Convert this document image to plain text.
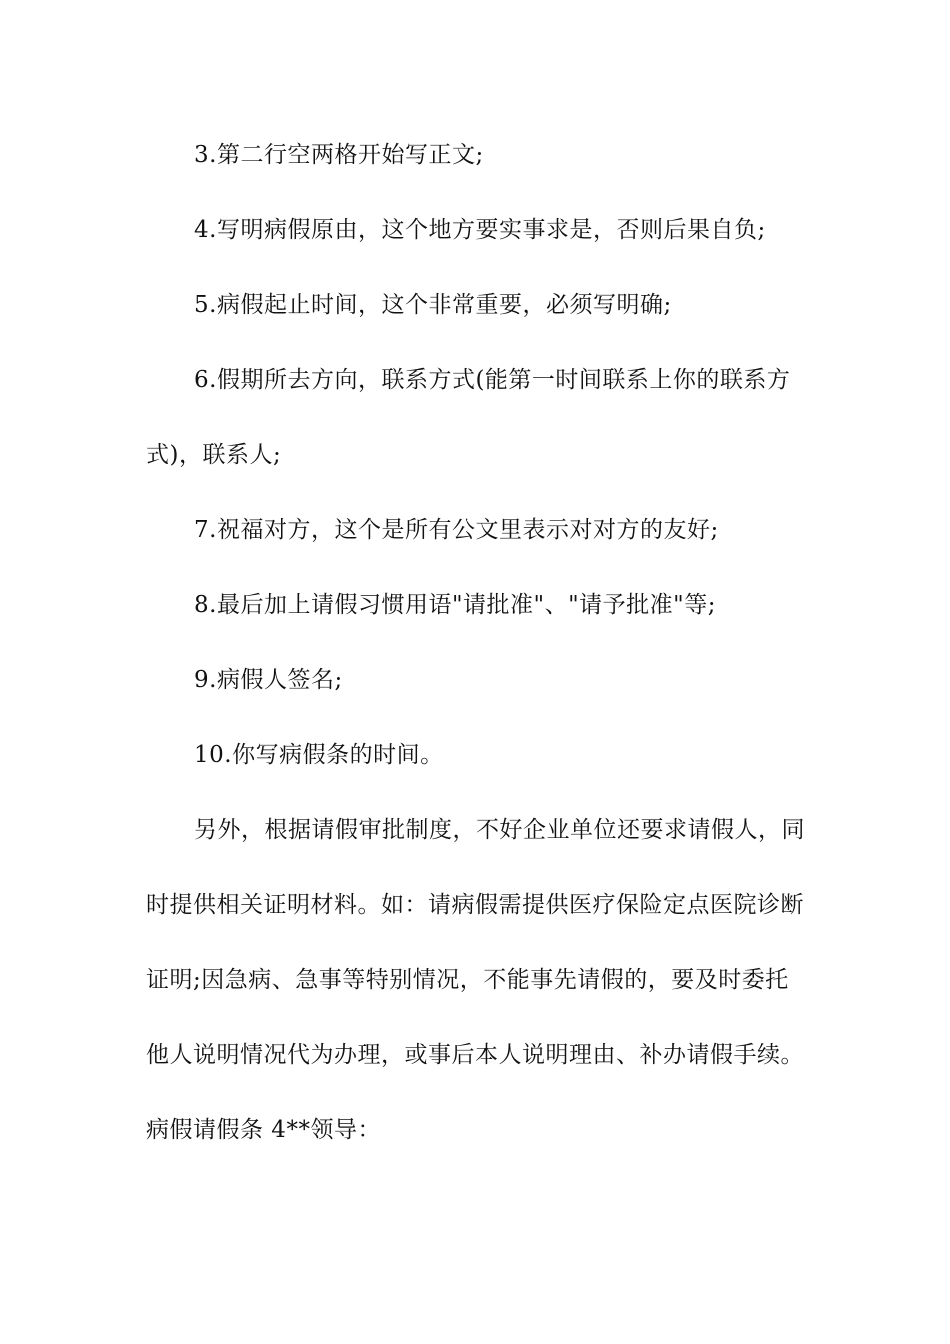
3.第二行空两格开始写正文;

4.写明病假原由，这个地方要实事求是，否则后果自负;

5.病假起止时间，这个非常重要，必须写明确;

6.假期所去方向，联系方式(能第一时间联系上你的联系方式)，联系人;

7.祝福对方，这个是所有公文里表示对对方的友好;

8.最后加上请假习惯用语"请批准"、"请予批准"等;

9.病假人签名;

10.你写病假条的时间。

另外，根据请假审批制度，不好企业单位还要求请假人，同时提供相关证明材料。如：请病假需提供医疗保险定点医院诊断证明;因急病、急事等特别情况，不能事先请假的，要及时委托他人说明情况代为办理，或事后本人说明理由、补办请假手续。

病假请假条 4**领导：
